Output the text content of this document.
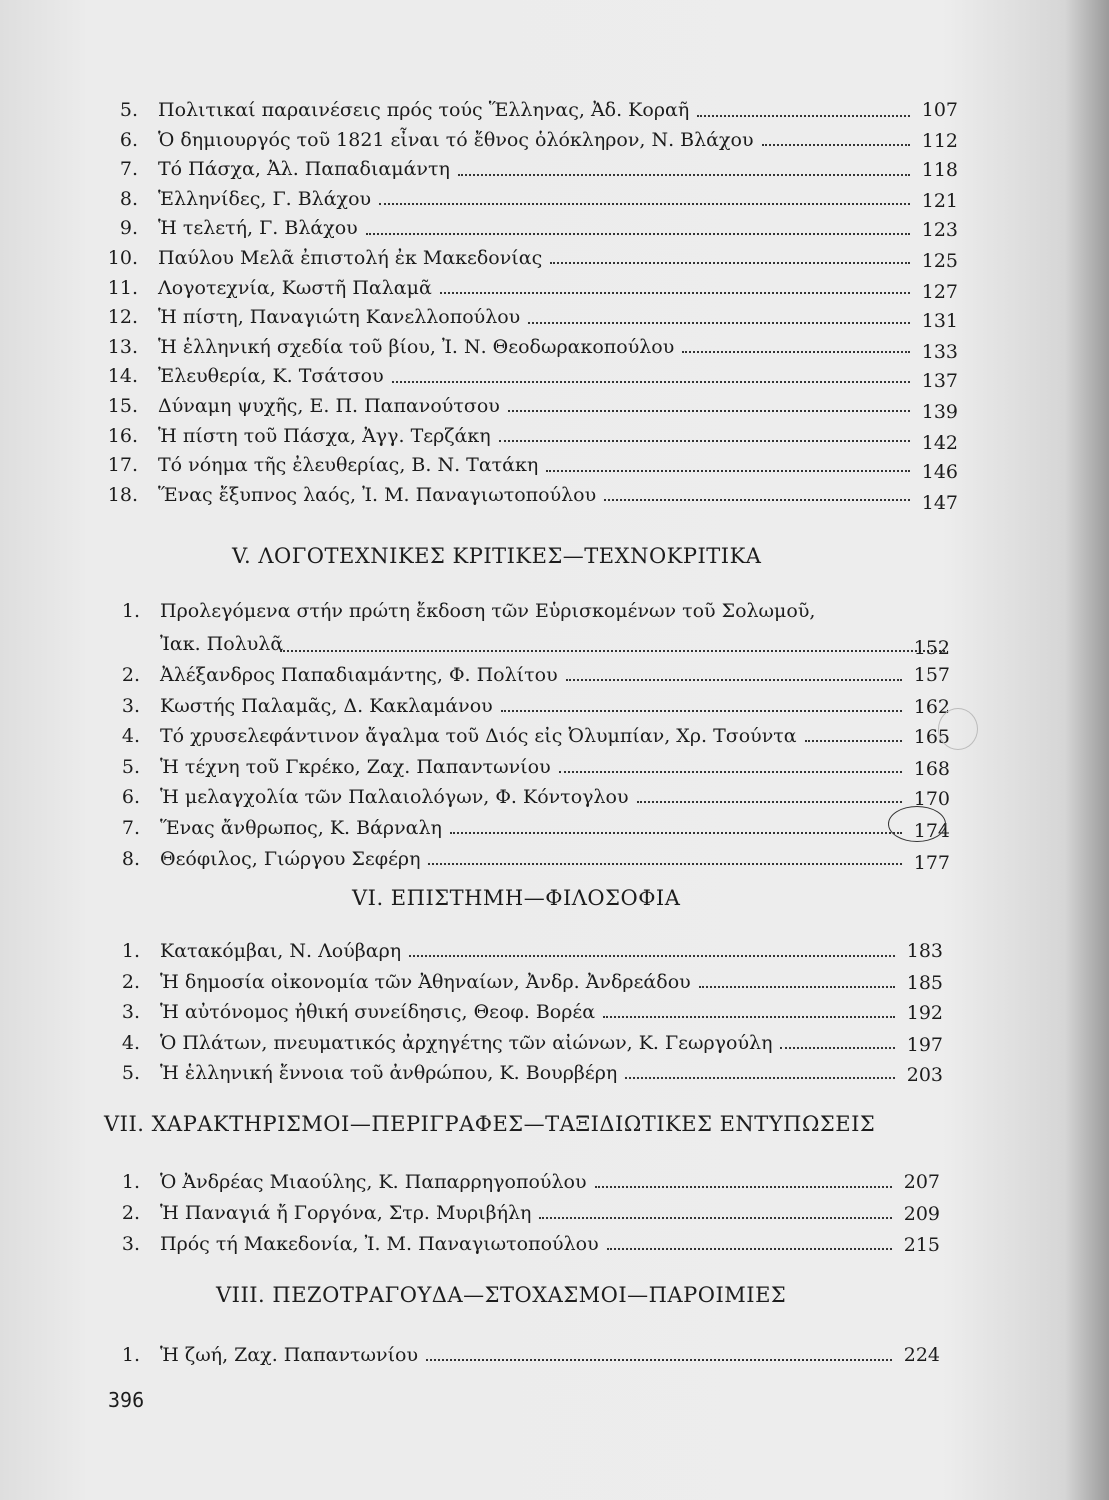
5. Πολιτικαί παραινέσεις πρός τούς Ἕλληνας, Ἀδ. Κοραῆ	107
6. Ὁ δημιουργός τοῦ 1821 εἶναι τό ἔθνος ὁλόκληρον, Ν. Βλάχου	112
7. Τό Πάσχα, Ἀλ. Παπαδιαμάντη	118
8. Ἑλληνίδες, Γ. Βλάχου	121
9. Ἡ τελετή, Γ. Βλάχου	123
10. Παύλου Μελᾶ ἐπιστολή ἐκ Μακεδονίας	125
11. Λογοτεχνία, Κωστῆ Παλαμᾶ	127
12. Ἡ πίστη, Παναγιώτη Κανελλοπούλου	131
13. Ἡ ἑλληνική σχεδία τοῦ βίου, Ἰ. Ν. Θεοδωρακοπούλου	133
14. Ἐλευθερία, Κ. Τσάτσου	137
15. Δύναμη ψυχῆς, Ε. Π. Παπανούτσου	139
16. Ἡ πίστη τοῦ Πάσχα, Ἀγγ. Τερζάκη	142
17. Τό νόημα τῆς ἐλευθερίας, Β. Ν. Τατάκη	146
18. Ἕνας ἔξυπνος λαός, Ἰ. Μ. Παναγιωτοπούλου	147
V. ΛΟΓΟΤΕΧΝΙΚΕΣ ΚΡΙΤΙΚΕΣ—ΤΕΧΝΟΚΡΙΤΙΚΑ
1. Προλεγόμενα στήν πρώτη ἔκδοση τῶν Εὑρισκομένων τοῦ Σολωμοῦ,
Ἰακ. Πολυλᾶ	152
2. Ἀλέξανδρος Παπαδιαμάντης, Φ. Πολίτου	157
3. Κωστής Παλαμᾶς, Δ. Κακλαμάνου	162
4. Τό χρυσελεφάντινον ἄγαλμα τοῦ Διός εἰς Ὀλυμπίαν, Χρ. Τσούντα	165
5. Ἡ τέχνη τοῦ Γκρέκο, Ζαχ. Παπαντωνίου	168
6. Ἡ μελαγχολία τῶν Παλαιολόγων, Φ. Κόντογλου	170
7. Ἕνας ἄνθρωπος, Κ. Βάρναλη	174
8. Θεόφιλος, Γιώργου Σεφέρη	177
VI. ΕΠΙΣΤΗΜΗ—ΦΙΛΟΣΟΦΙΑ
1. Κατακόμβαι, Ν. Λούβαρη	183
2. Ἡ δημοσία οἰκονομία τῶν Ἀθηναίων, Ἀνδρ. Ἀνδρεάδου	185
3. Ἡ αὐτόνομος ἠθική συνείδησις, Θεοφ. Βορέα	192
4. Ὁ Πλάτων, πνευματικός ἀρχηγέτης τῶν αἰώνων, Κ. Γεωργούλη	197
5. Ἡ ἑλληνική ἔννοια τοῦ ἀνθρώπου, Κ. Βουρβέρη	203
VII. ΧΑΡΑΚΤΗΡΙΣΜΟΙ—ΠΕΡΙΓΡΑΦΕΣ—ΤΑΞΙΔΙΩΤΙΚΕΣ ΕΝΤΥΠΩΣΕΙΣ
1. Ὁ Ἀνδρέας Μιαούλης, Κ. Παπαρρηγοπούλου	207
2. Ἡ Παναγιά ἤ Γοργόνα, Στρ. Μυριβήλη	209
3. Πρός τή Μακεδονία, Ἰ. Μ. Παναγιωτοπούλου	215
VIII. ΠΕΖΟΤΡΑΓΟΥΔΑ—ΣΤΟΧΑΣΜΟΙ—ΠΑΡΟΙΜΙΕΣ
1. Ἡ ζωή, Ζαχ. Παπαντωνίου	224
396
